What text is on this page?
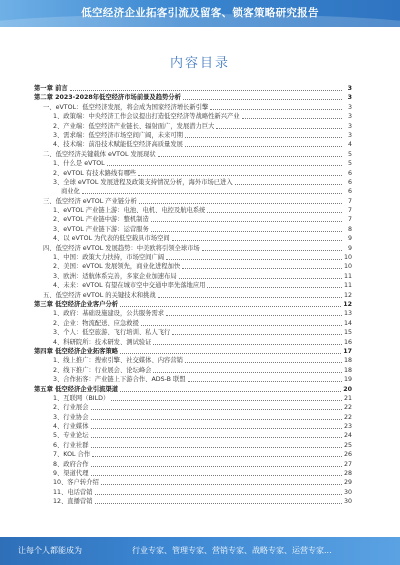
低空经济企业拓客引流及留客、锁客策略研究报告
内容目录
第一章 前言	3
第二章 2023-2028年低空经济市场前景及趋势分析	3
一、eVTOL：低空经济发展，将会成为国家经济增长新引擎	3
1、政策端：中央经济工作会议提出打造低空经济等战略性新兴产业	3
2、产业端：低空经济产业链长、辐射面广，发展潜力巨大	3
3、需求端：低空经济市场空间广阔，未来可期	3
4、技术端：前沿技术赋能低空经济高质量发展	4
二、低空经济关键载体 eVTOL 发展现状	5
1、什么是 eVTOL	5
2、eVTOL 有技术路线有哪些	6
3、全球 eVTOL 发展进程及政策支持情况分析，海外市场已进入	6
商业化	6
三、低空经济 eVTOL 产业链分析	7
1、eVTOL 产业链上游：电池、电机、电控及航电系统	7
2、eVTOL 产业链中游：整机制造	7
3、eVTOL 产业链下游：运营服务	8
4、以 eVTOL 为代表的低空载具市场空间	9
四、低空经济 eVTOL 发展趋势：中美欧将引领全球市场	9
1、中国：政策大力扶持，市场空间广阔	10
2、美国：eVTOL 发展领先，商业化进程加快	10
3、欧洲：适航体系完善，多家企业加速布局	11
4、未来：eVTOL 有望在城市空中交通中率先落地应用	11
五、低空经济 eVTOL 的关键技术和挑战	12
第三章 低空经济企业客户分析	12
1、政府：基础设施建设，公共服务需求	13
2、企业：物流配送、应急救援	14
3、个人：低空旅游、飞行培训、私人飞行	15
4、科研院所：技术研发、测试验证	16
第四章 低空经济企业拓客策略	17
1、线上推广：搜索引擎、社交媒体、内容营销	18
2、线下推广：行业展会、论坛峰会	18
3、合作拓客：产业链上下游合作、ADS-B 联盟	19
第五章 低空经济企业引流渠道	20
1、互联网（BILD）	21
2、行业展会	22
3、行业协会	22
4、行业媒体	23
5、专业论坛	24
6、行业社群	25
7、KOL 合作	26
8、政府合作	27
9、渠道代理	28
10、客户转介绍	29
11、电话营销	30
12、直播营销	30
让每个人都能成为	行业专家、管理专家、营销专家、战略专家、运营专家...
